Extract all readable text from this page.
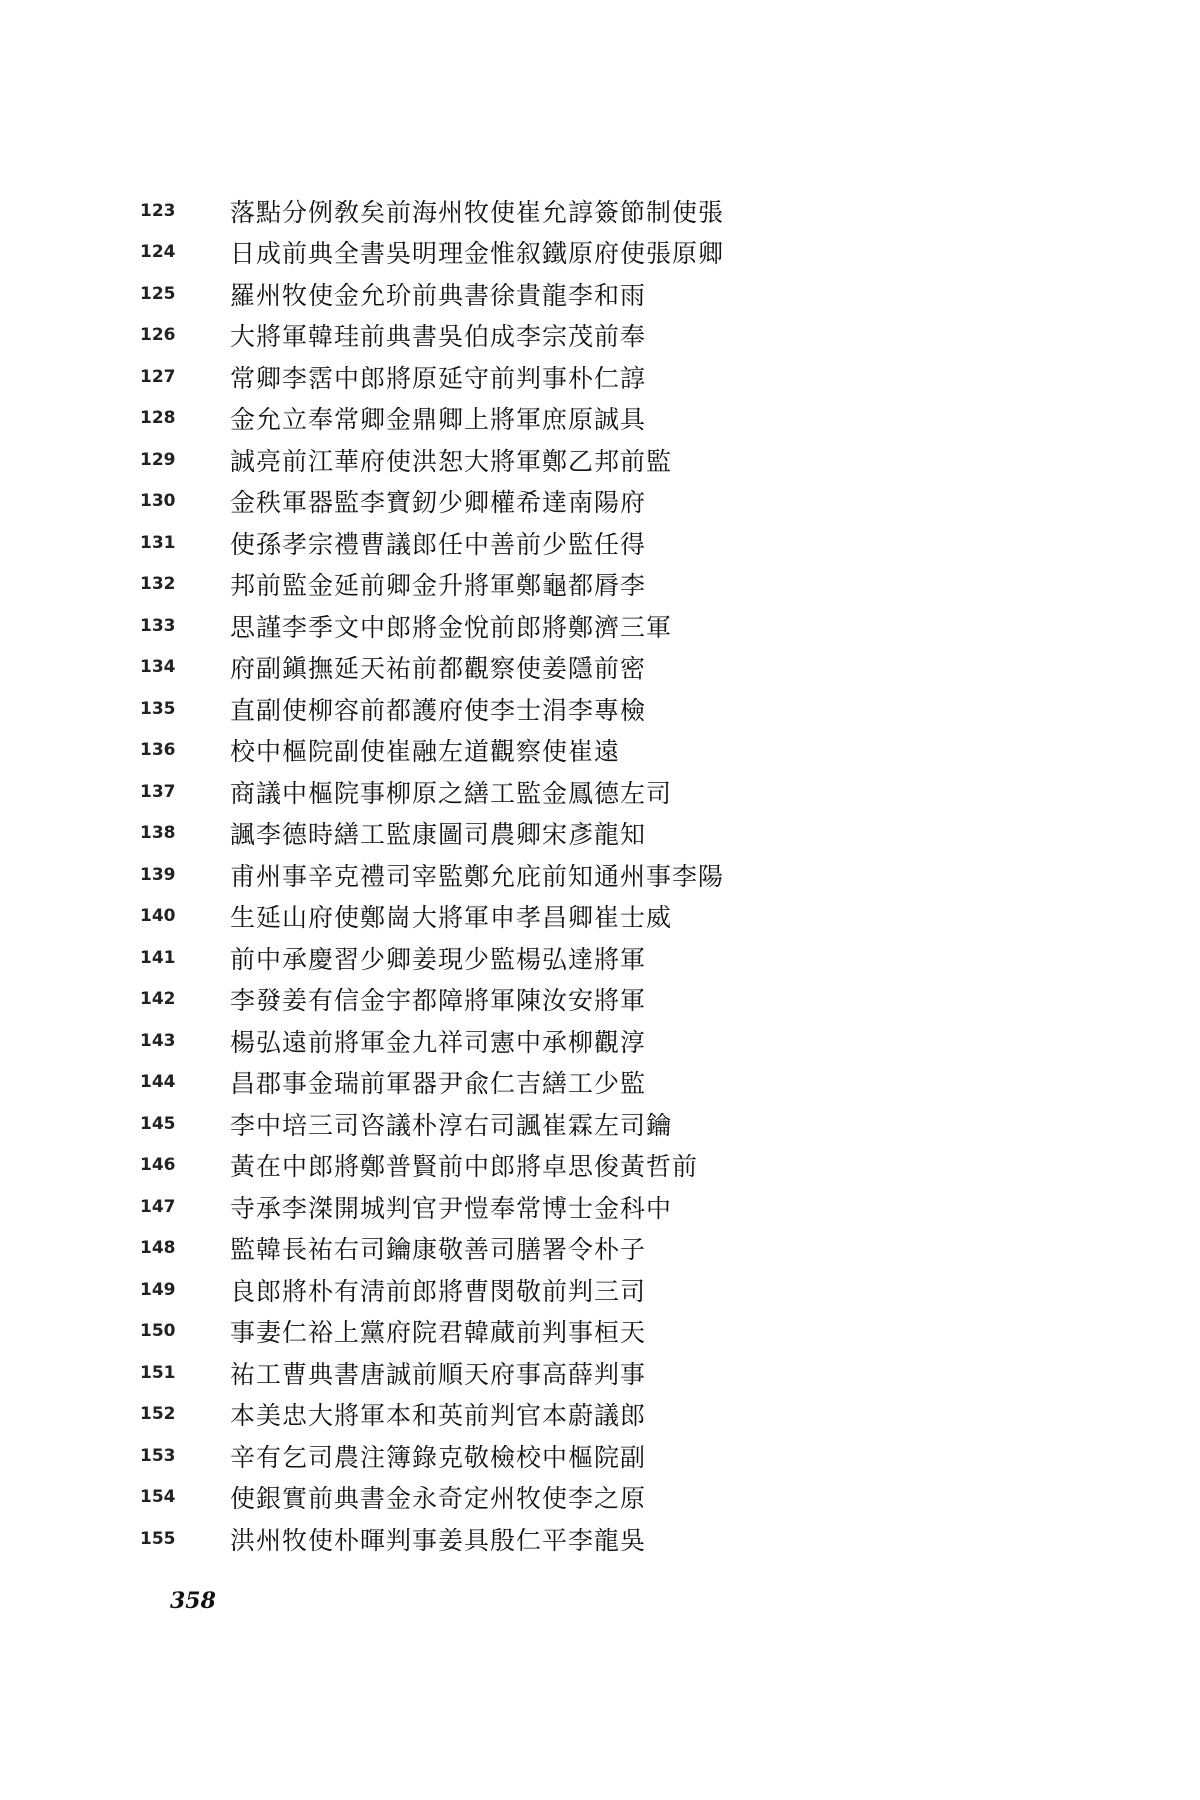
123	落點分例敎矣前海州牧使崔允諄簽節制使張
124	日成前典全書吳明理金惟叙鐵原府使張原卿
125	羅州牧使金允玠前典書徐貴龍李和雨
126	大將軍韓珪前典書吳伯成李宗茂前奉
127	常卿李霑中郎將原延守前判事朴仁諄
128	金允立奉常卿金鼎卿上將軍庶原誠具
129	誠亮前江華府使洪恕大將軍鄭乙邦前監
130	金秩軍器監李寶釰少卿權希達南陽府
131	使孫孝宗禮曹議郎任中善前少監任得
132	邦前監金延前卿金升將軍鄭龜都脣李
133	思謹李季文中郎將金悅前郎將鄭濟三軍
134	府副鎭撫延天祐前都觀察使姜隱前密
135	直副使柳容前都護府使李士涓李專檢
136	校中樞院副使崔融左道觀察使崔遠
137	商議中樞院事柳原之繕工監金鳳德左司
138	諷李德時繕工監康圖司農卿宋彥龍知
139	甫州事辛克禮司宰監鄭允庇前知通州事李陽
140	生延山府使鄭崗大將軍申孝昌卿崔士威
141	前中承慶習少卿姜現少監楊弘達將軍
142	李發姜有信金宇都障將軍陳汝安將軍
143	楊弘遠前將軍金九祥司憲中承柳觀淳
144	昌郡事金瑞前軍器尹兪仁吉繕工少監
145	李中培三司咨議朴淳右司諷崔霖左司鑰
146	黃在中郎將鄭普賢前中郎將卓思俊黃哲前
147	寺承李滐開城判官尹愷奉常博士金科中
148	監韓長祐右司鑰康敬善司膳署令朴子
149	良郎將朴有淸前郎將曹閔敬前判三司
150	事妻仁裕上黨府院君韓蕆前判事桓天
151	祐工曹典書唐誠前順天府事高薛判事
152	本美忠大將軍本和英前判官本蔚議郎
153	辛有乞司農注簿錄克敬檢校中樞院副
154	使銀實前典書金永奇定州牧使李之原
155	洪州牧使朴暉判事姜具殷仁平李龍吳
358
